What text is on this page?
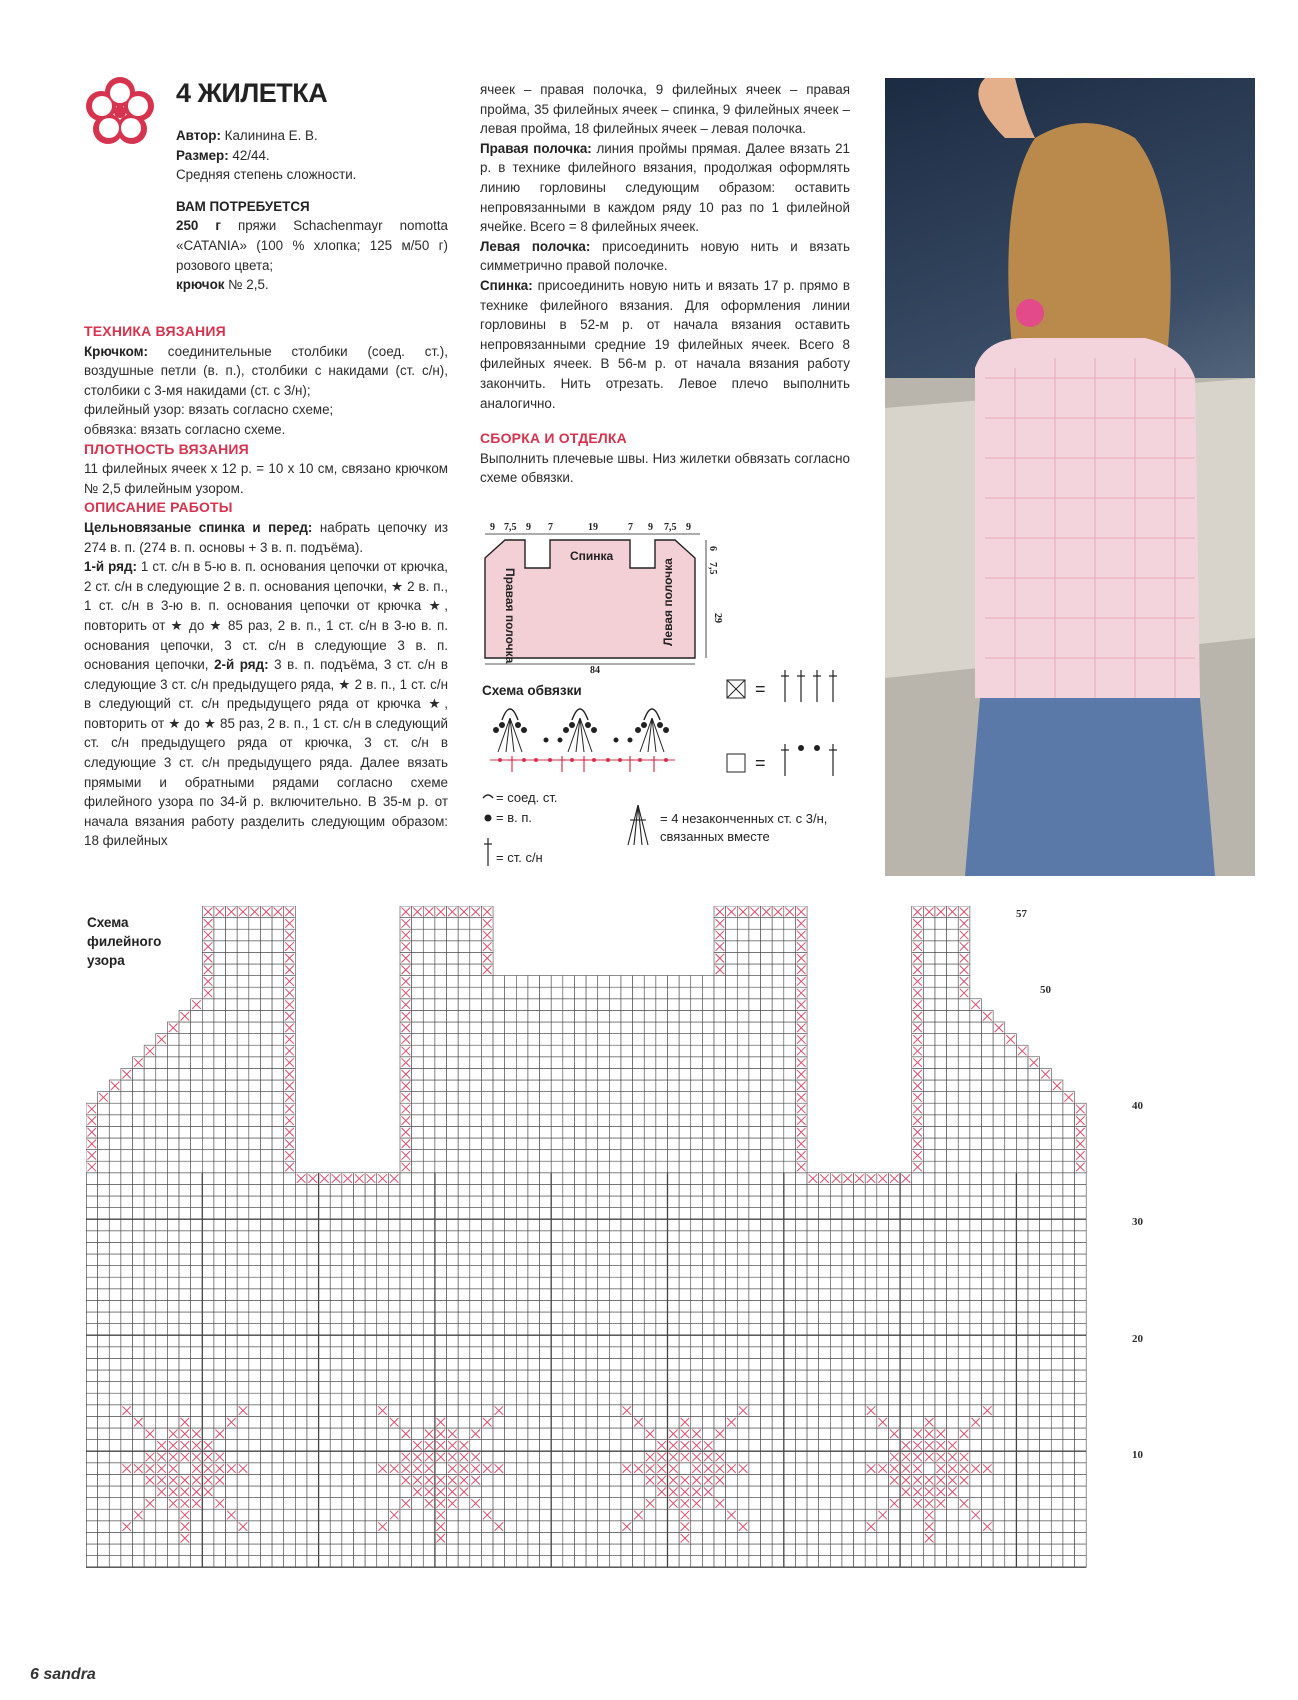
4 ЖИЛЕТКА

Автор: Калинина Е. В.

Размер: 42/44.

Средняя степень сложности.

ВАМ ПОТРЕБУЕТСЯ

250 г пряжи Schachenmayr nomotta «CATANIA» (100 % хлопка; 125 м/50 г) розового цвета;

крючок № 2,5.

ТЕХНИКА ВЯЗАНИЯ

Крючком: соединительные столбики (соед. ст.), воздушные петли (в. п.), столбики с накидами (ст. с/н), столбики с 3-мя накидами (ст. с 3/н);

филейный узор: вязать согласно схеме;

обвязка: вязать согласно схеме.

ПЛОТНОСТЬ ВЯЗАНИЯ

11 филейных ячеек x 12 р. = 10 x 10 см, связано крючком № 2,5 филейным узором.

ОПИСАНИЕ РАБОТЫ

Цельновязаные спинка и перед: набрать цепочку из 274 в. п. (274 в. п. основы + 3 в. п. подъёма).

1-й ряд: 1 ст. с/н в 5-ю в. п. основания цепочки от крючка, 2 ст. с/н в следующие 2 в. п. основания цепочки, ★ 2 в. п., 1 ст. с/н в 3-ю в. п. основания цепочки от крючка ★, повторить от ★ до ★ 85 раз, 2 в. п., 1 ст. с/н в 3-ю в. п. основания цепочки, 3 ст. с/н в следующие 3 в. п. основания цепочки, 2-й ряд: 3 в. п. подъёма, 3 ст. с/н в следующие 3 ст. с/н предыдущего ряда, ★ 2 в. п., 1 ст. с/н в следующий ст. с/н предыдущего ряда от крючка ★, повторить от ★ до ★ 85 раз, 2 в. п., 1 ст. с/н в следующий ст. с/н предыдущего ряда от крючка, 3 ст. с/н в следующие 3 ст. с/н предыдущего ряда. Далее вязать прямыми и обратными рядами согласно схеме филейного узора по 34-й р. включительно. В 35-м р. от начала вязания работу разделить следующим образом: 18 филейных

ячеек – правая полочка, 9 филейных ячеек – правая пройма, 35 филейных ячеек – спинка, 9 филейных ячеек – левая пройма, 18 филейных ячеек – левая полочка.

Правая полочка: линия проймы прямая. Далее вязать 21 р. в технике филейного вязания, продолжая оформлять линию горловины следующим образом: оставить непровязанными в каждом ряду 10 раз по 1 филейной ячейке. Всего = 8 филейных ячеек.

Левая полочка: присоединить новую нить и вязать симметрично правой полочке.

Спинка: присоединить новую нить и вязать 17 р. прямо в технике филейного вязания. Для оформления линии горловины в 52-м р. от начала вязания оставить непровязанными средние 19 филейных ячеек. Всего 8 филейных ячеек. В 56-м р. от начала вязания работу закончить. Нить отрезать. Левое плечо выполнить аналогично.

СБОРКА И ОТДЕЛКА

Выполнить плечевые швы. Низ жилетки обвязать согласно схеме обвязки.

9 7,5 9 7	19	7 9 7,5 9
29
6
7,5
84
Спинка
Правая полочка	Левая полочка
Схема обвязки
= соед. ст.
= в. п.
= ст. с/н
= 4 незаконченных ст. с 3/н, связанных вместе
=
=
Схема
филейного
узора
57
50
40
30
20
10
6 sandra
